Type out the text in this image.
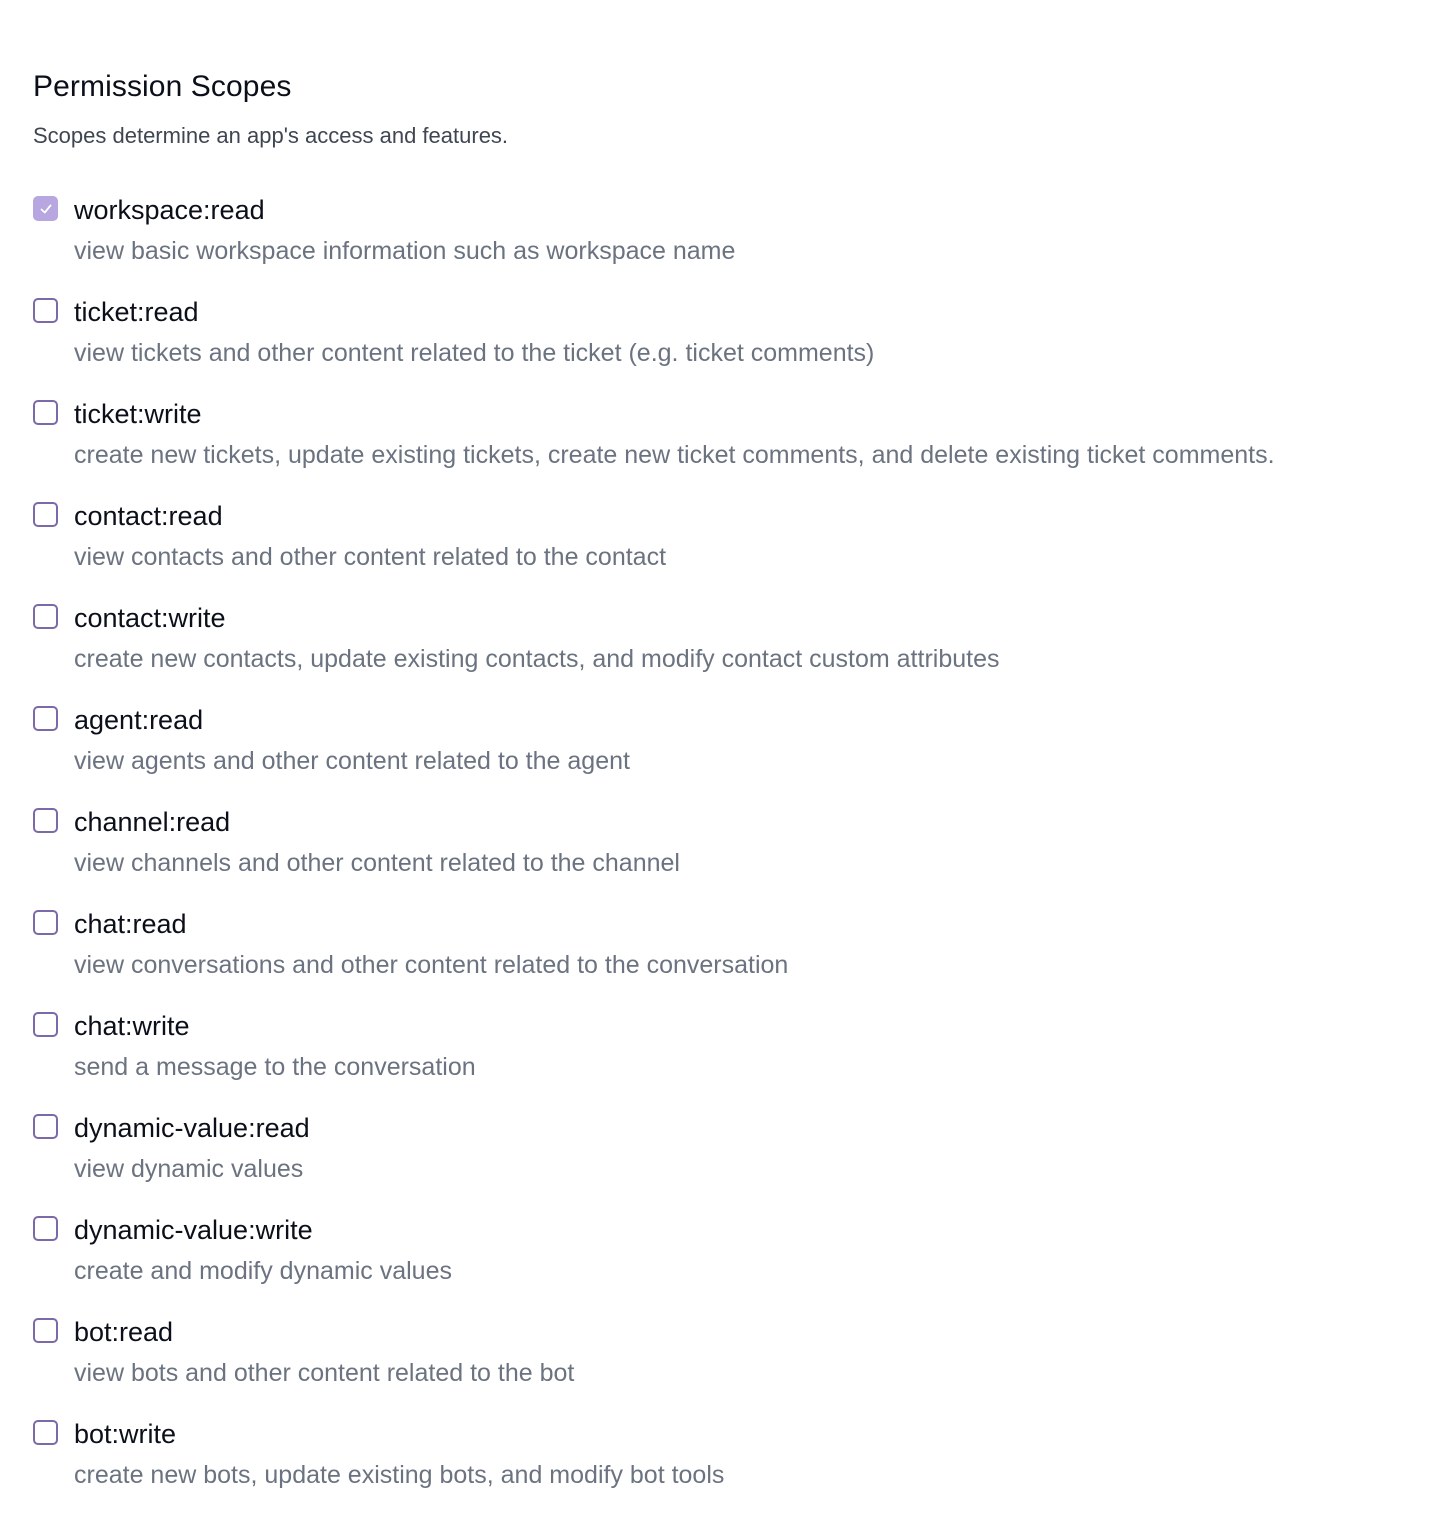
Permission Scopes

Scopes determine an app's access and features.

workspace:read
view basic workspace information such as workspace name
ticket:read
view tickets and other content related to the ticket (e.g. ticket comments)
ticket:write
create new tickets, update existing tickets, create new ticket comments, and delete existing ticket comments.
contact:read
view contacts and other content related to the contact
contact:write
create new contacts, update existing contacts, and modify contact custom attributes
agent:read
view agents and other content related to the agent
channel:read
view channels and other content related to the channel
chat:read
view conversations and other content related to the conversation
chat:write
send a message to the conversation
dynamic-value:read
view dynamic values
dynamic-value:write
create and modify dynamic values
bot:read
view bots and other content related to the bot
bot:write
create new bots, update existing bots, and modify bot tools
